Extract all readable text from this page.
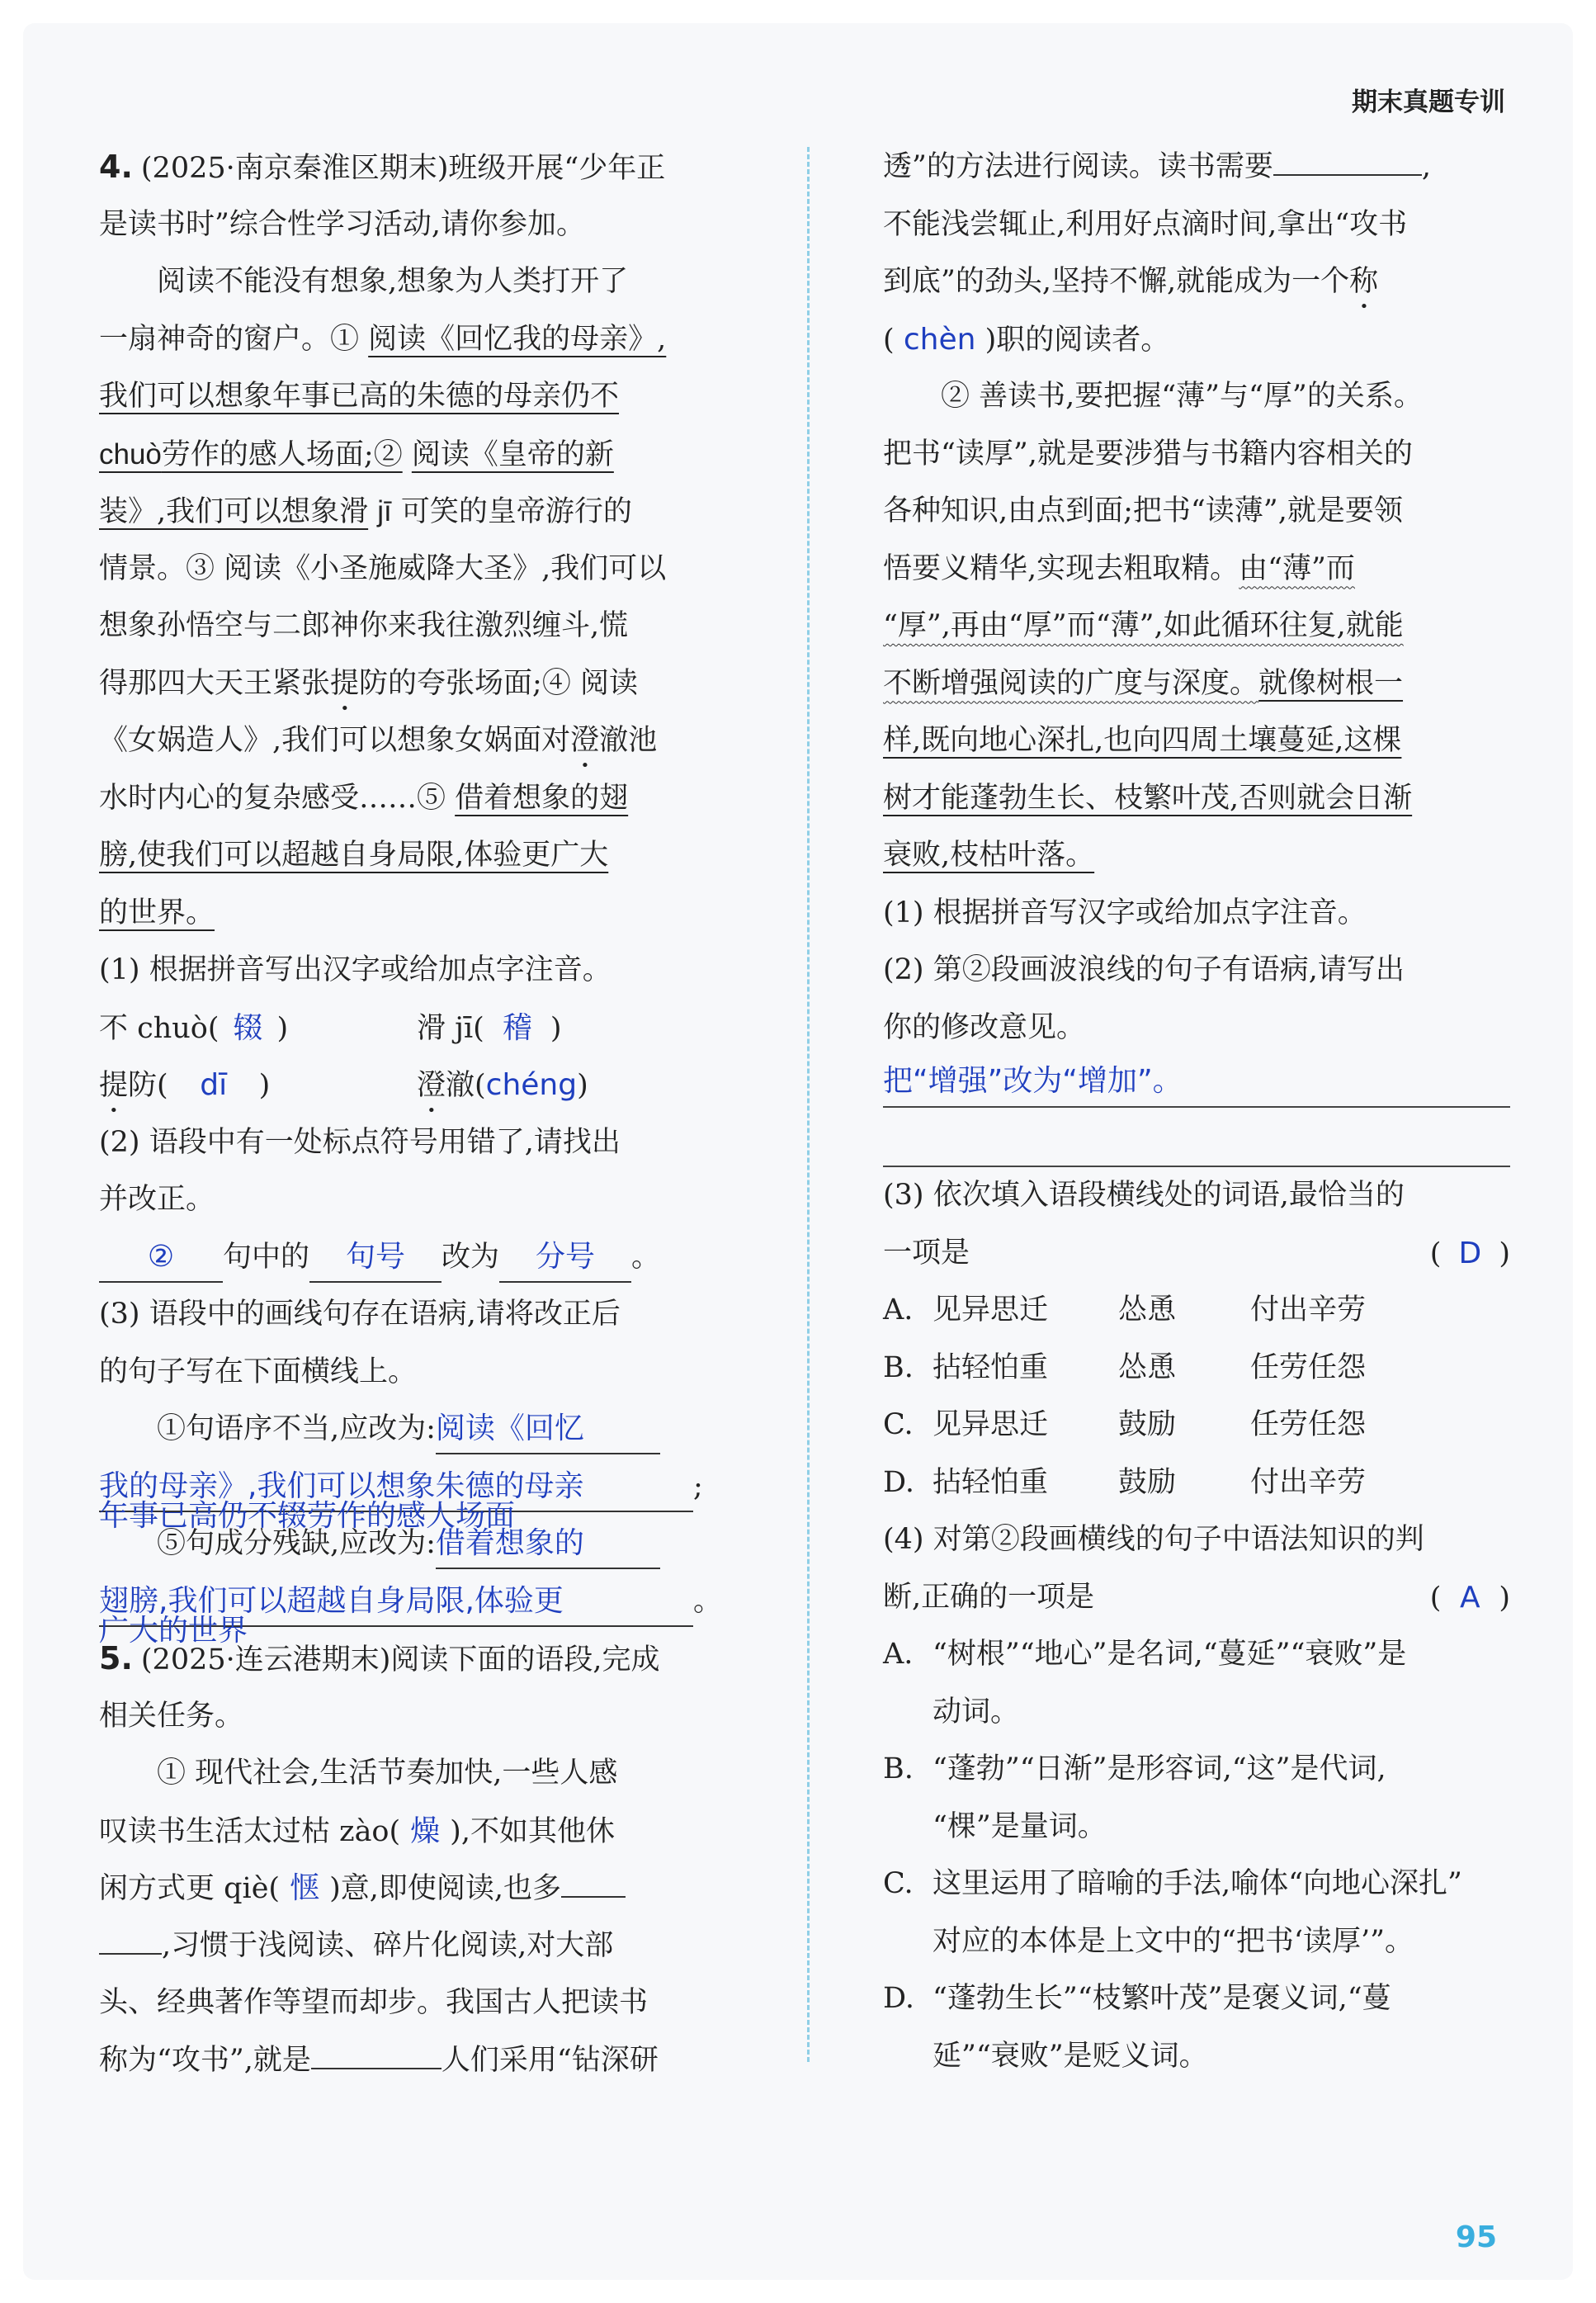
期末真题专训
4. (2025·南京秦淮区期末)班级开展“少年正
是读书时”综合性学习活动,请你参加。
阅读不能没有想象,想象为人类打开了
一扇神奇的窗户。① 阅读《回忆我的母亲》,
我们可以想象年事已高的朱德的母亲仍不
chuò劳作的感人场面;② 阅读《皇帝的新
装》,我们可以想象滑 jī 可笑的皇帝游行的
情景。③ 阅读《小圣施威降大圣》,我们可以
想象孙悟空与二郎神你来我往激烈缠斗,慌
得那四大天王紧张提防的夸张场面;④ 阅读
《女娲造人》,我们可以想象女娲面对澄澈池
水时内心的复杂感受……⑤ 借着想象的翅
膀,使我们可以超越自身局限,体验更广大
的世界。
(1) 根据拼音写出汉字或给加点字注音。
不 chuò( 辍 )	滑 jī( 稽 )
提防( dī )	澄澈(chéng)
(2) 语段中有一处标点符号用错了,请找出
并改正。
② 句中的 句号 改为 分号 。
(3) 语段中的画线句存在语病,请将改正后
的句子写在下面横线上。
①句语序不当,应改为:阅读《回忆
我的母亲》,我们可以想象朱德的母亲	;
年事已高仍不辍劳作的感人场面
⑤句成分残缺,应改为:借着想象的
翅膀,我们可以超越自身局限,体验更	。
广大的世界
5. (2025·连云港期末)阅读下面的语段,完成
相关任务。
① 现代社会,生活节奏加快,一些人感
叹读书生活太过枯 zào( 燥 ),不如其他休
闲方式更 qiè( 惬 )意,即使阅读,也多
,习惯于浅阅读、碎片化阅读,对大部
头、经典著作等望而却步。我国古人把读书
称为“攻书”,就是	人们采用“钻深研
透”的方法进行阅读。读书需要	,
不能浅尝辄止,利用好点滴时间,拿出“攻书
到底”的劲头,坚持不懈,就能成为一个称
( chèn )职的阅读者。
② 善读书,要把握“薄”与“厚”的关系。
把书“读厚”,就是要涉猎与书籍内容相关的
各种知识,由点到面;把书“读薄”,就是要领
悟要义精华,实现去粗取精。由“薄”而
“厚”,再由“厚”而“薄”,如此循环往复,就能
不断增强阅读的广度与深度。就像树根一
样,既向地心深扎,也向四周土壤蔓延,这棵
树才能蓬勃生长、枝繁叶茂,否则就会日渐
衰败,枝枯叶落。
(1) 根据拼音写汉字或给加点字注音。
(2) 第②段画波浪线的句子有语病,请写出
你的修改意见。
把“增强”改为“增加”。
(3) 依次填入语段横线处的词语,最恰当的
一项是	( D )
A. 见异思迁 怂恿	付出辛劳
B. 拈轻怕重 怂恿	任劳任怨
C. 见异思迁 鼓励	任劳任怨
D. 拈轻怕重 鼓励	付出辛劳
(4) 对第②段画横线的句子中语法知识的判
断,正确的一项是	( A )
A. “树根”“地心”是名词,“蔓延”“衰败”是
动词。
B. “蓬勃”“日渐”是形容词,“这”是代词,
“棵”是量词。
C. 这里运用了暗喻的手法,喻体“向地心深扎”
对应的本体是上文中的“把书‘读厚’”。
D. “蓬勃生长”“枝繁叶茂”是褒义词,“蔓
延”“衰败”是贬义词。
95
